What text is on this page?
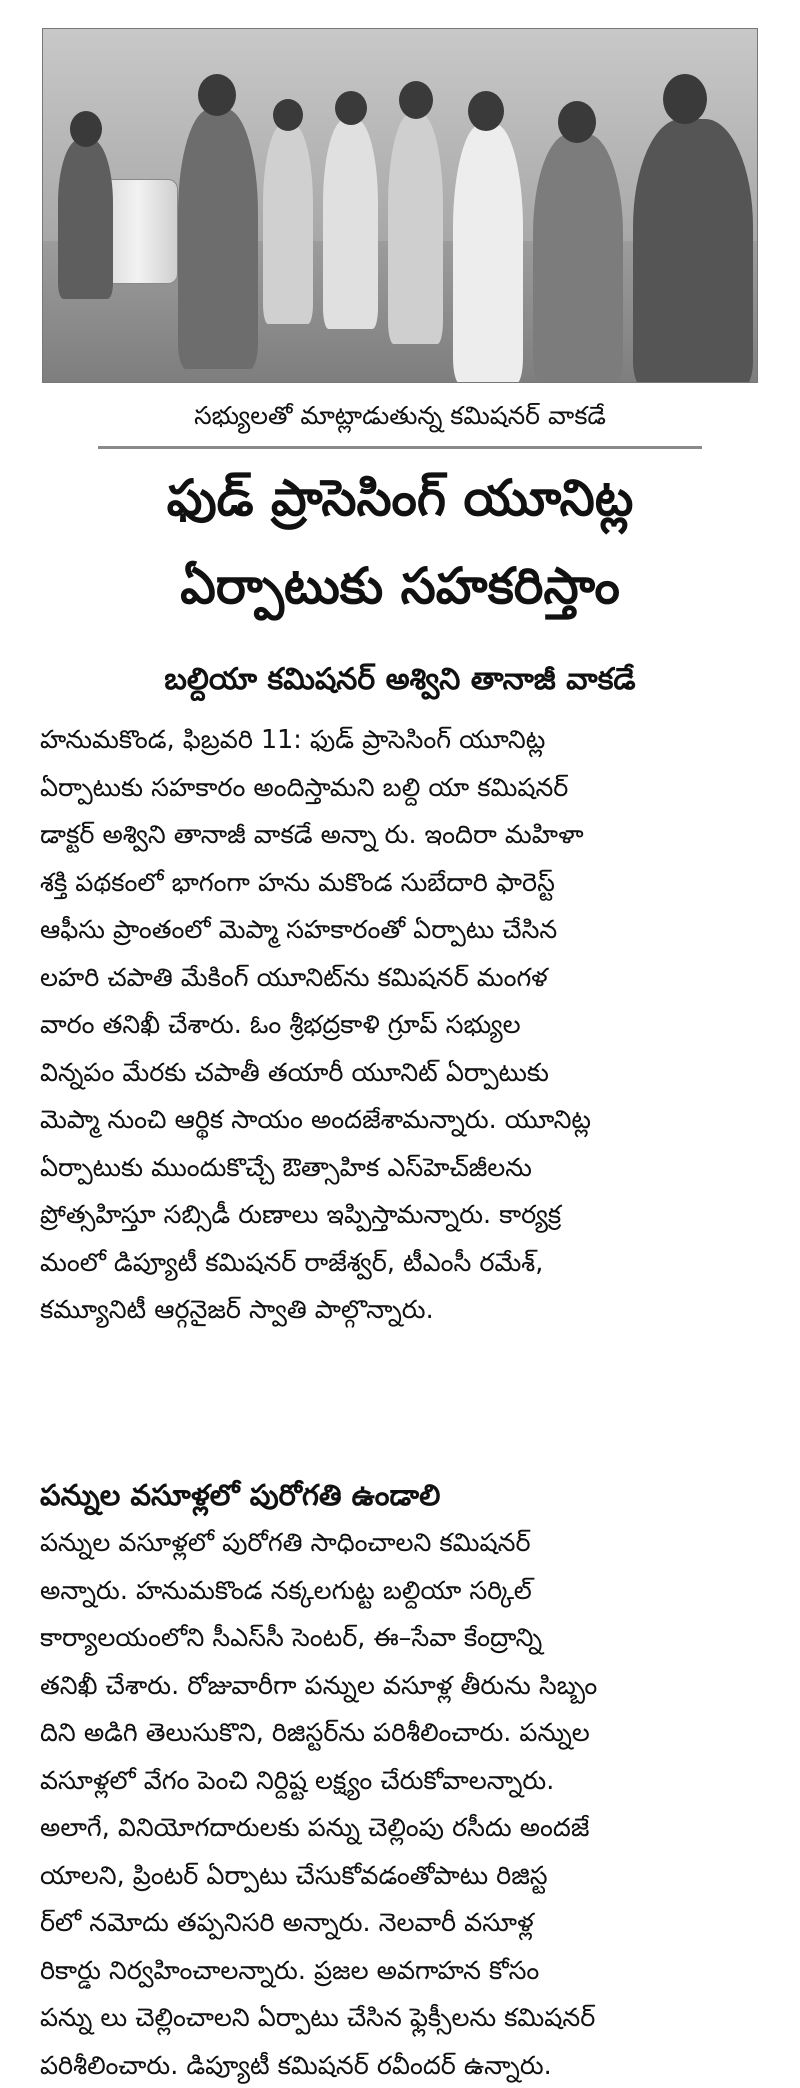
సభ్యులతో మాట్లాడుతున్న కమిషనర్ వాకడే
ఫుడ్ ప్రాసెసింగ్ యూనిట్ల
ఏర్పాటుకు సహకరిస్తాం
బల్దియా కమిషనర్ అశ్విని తానాజీ వాకడే
హనుమకొండ, ఫిబ్రవరి 11: ఫుడ్ ప్రాసెసింగ్ యూనిట్ల
ఏర్పాటుకు సహకారం అందిస్తామని బల్ది యా కమిషనర్
డాక్టర్ అశ్విని తానాజీ వాకడే అన్నా రు. ఇందిరా మహిళా
శక్తి పథకంలో భాగంగా హను మకొండ సుబేదారి ఫారెస్ట్
ఆఫీసు ప్రాంతంలో మెప్మా సహకారంతో ఏర్పాటు చేసిన
లహరి చపాతి మేకింగ్ యూనిట్‌ను కమిషనర్ మంగళ
వారం తనిఖీ చేశారు. ఓం శ్రీభద్రకాళి గ్రూప్ సభ్యుల
విన్నపం మేరకు చపాతీ తయారీ యూనిట్ ఏర్పాటుకు
మెప్మా నుంచి ఆర్థిక సాయం అందజేశామన్నారు. యూనిట్ల
ఏర్పాటుకు ముందుకొచ్చే ఔత్సాహిక ఎస్‌హెచ్‌జీలను
ప్రోత్సహిస్తూ సబ్సిడీ రుణాలు ఇప్పిస్తామన్నారు. కార్యక్ర
మంలో డిప్యూటీ కమిషనర్ రాజేశ్వర్, టీఎంసీ రమేశ్,
కమ్యూనిటీ ఆర్గనైజర్ స్వాతి పాల్గొన్నారు.
పన్నుల వసూళ్లలో పురోగతి ఉండాలి
పన్నుల వసూళ్లలో పురోగతి సాధించాలని కమిషనర్
అన్నారు. హనుమకొండ నక్కలగుట్ట బల్దియా సర్కిల్
కార్యాలయంలోని సీఎస్‌సీ సెంటర్, ఈ–సేవా కేంద్రాన్ని
తనిఖీ చేశారు. రోజువారీగా పన్నుల వసూళ్ల తీరును సిబ్బం
దిని అడిగి తెలుసుకొని, రిజిస్టర్‌ను పరిశీలించారు. పన్నుల
వసూళ్లలో వేగం పెంచి నిర్దిష్ట లక్ష్యం చేరుకోవాలన్నారు.
అలాగే, వినియోగదారులకు పన్ను చెల్లింపు రసీదు అందజే
యాలని, ప్రింటర్ ఏర్పాటు చేసుకోవడంతోపాటు రిజిస్ట
ర్‌లో నమోదు తప్పనిసరి అన్నారు. నెలవారీ వసూళ్ల
రికార్డు నిర్వహించాలన్నారు. ప్రజల అవగాహన కోసం
పన్ను లు చెల్లించాలని ఏర్పాటు చేసిన ఫ్లెక్సీలను కమిషనర్
పరిశీలించారు. డిప్యూటీ కమిషనర్ రవీందర్ ఉన్నారు.
